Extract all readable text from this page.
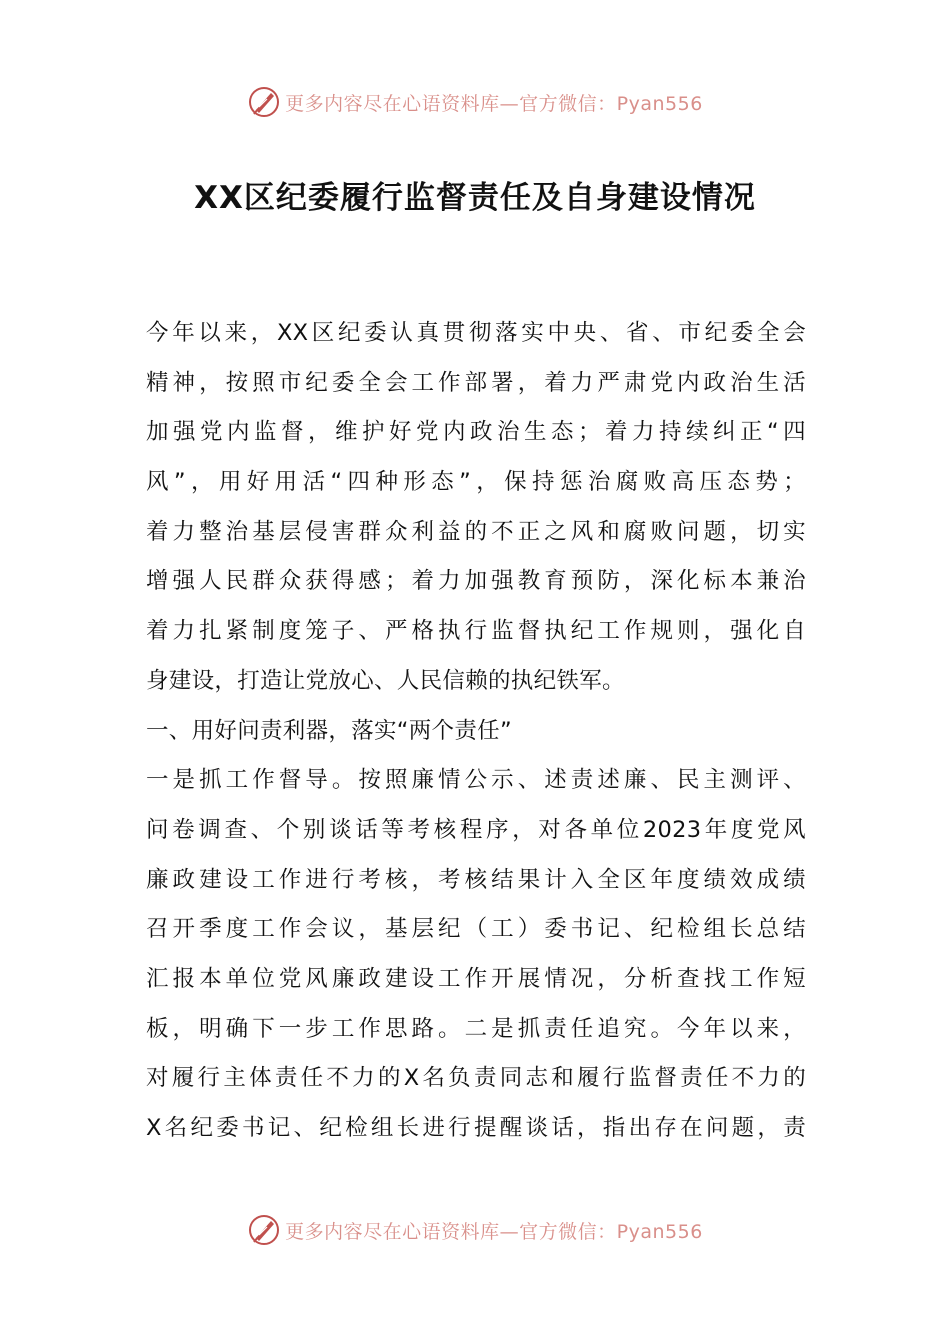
更多内容尽在心语资料库—官方微信：Pyan556
XX区纪委履行监督责任及自身建设情况
今年以来，XX区纪委认真贯彻落实中央、省、市纪委全会
精神，按照市纪委全会工作部署，着力严肃党内政治生活
加强党内监督，维护好党内政治生态；着力持续纠正“四
风”，用好用活“四种形态”，保持惩治腐败高压态势；
着力整治基层侵害群众利益的不正之风和腐败问题，切实
增强人民群众获得感；着力加强教育预防，深化标本兼治
着力扎紧制度笼子、严格执行监督执纪工作规则，强化自
身建设，打造让党放心、人民信赖的执纪铁军。
一、用好问责利器，落实“两个责任”
一是抓工作督导。按照廉情公示、述责述廉、民主测评、
问卷调查、个别谈话等考核程序，对各单位2023年度党风
廉政建设工作进行考核，考核结果计入全区年度绩效成绩
召开季度工作会议，基层纪（工）委书记、纪检组长总结
汇报本单位党风廉政建设工作开展情况，分析查找工作短
板，明确下一步工作思路。二是抓责任追究。今年以来，
对履行主体责任不力的X名负责同志和履行监督责任不力的
X名纪委书记、纪检组长进行提醒谈话，指出存在问题，责
更多内容尽在心语资料库—官方微信：Pyan556
